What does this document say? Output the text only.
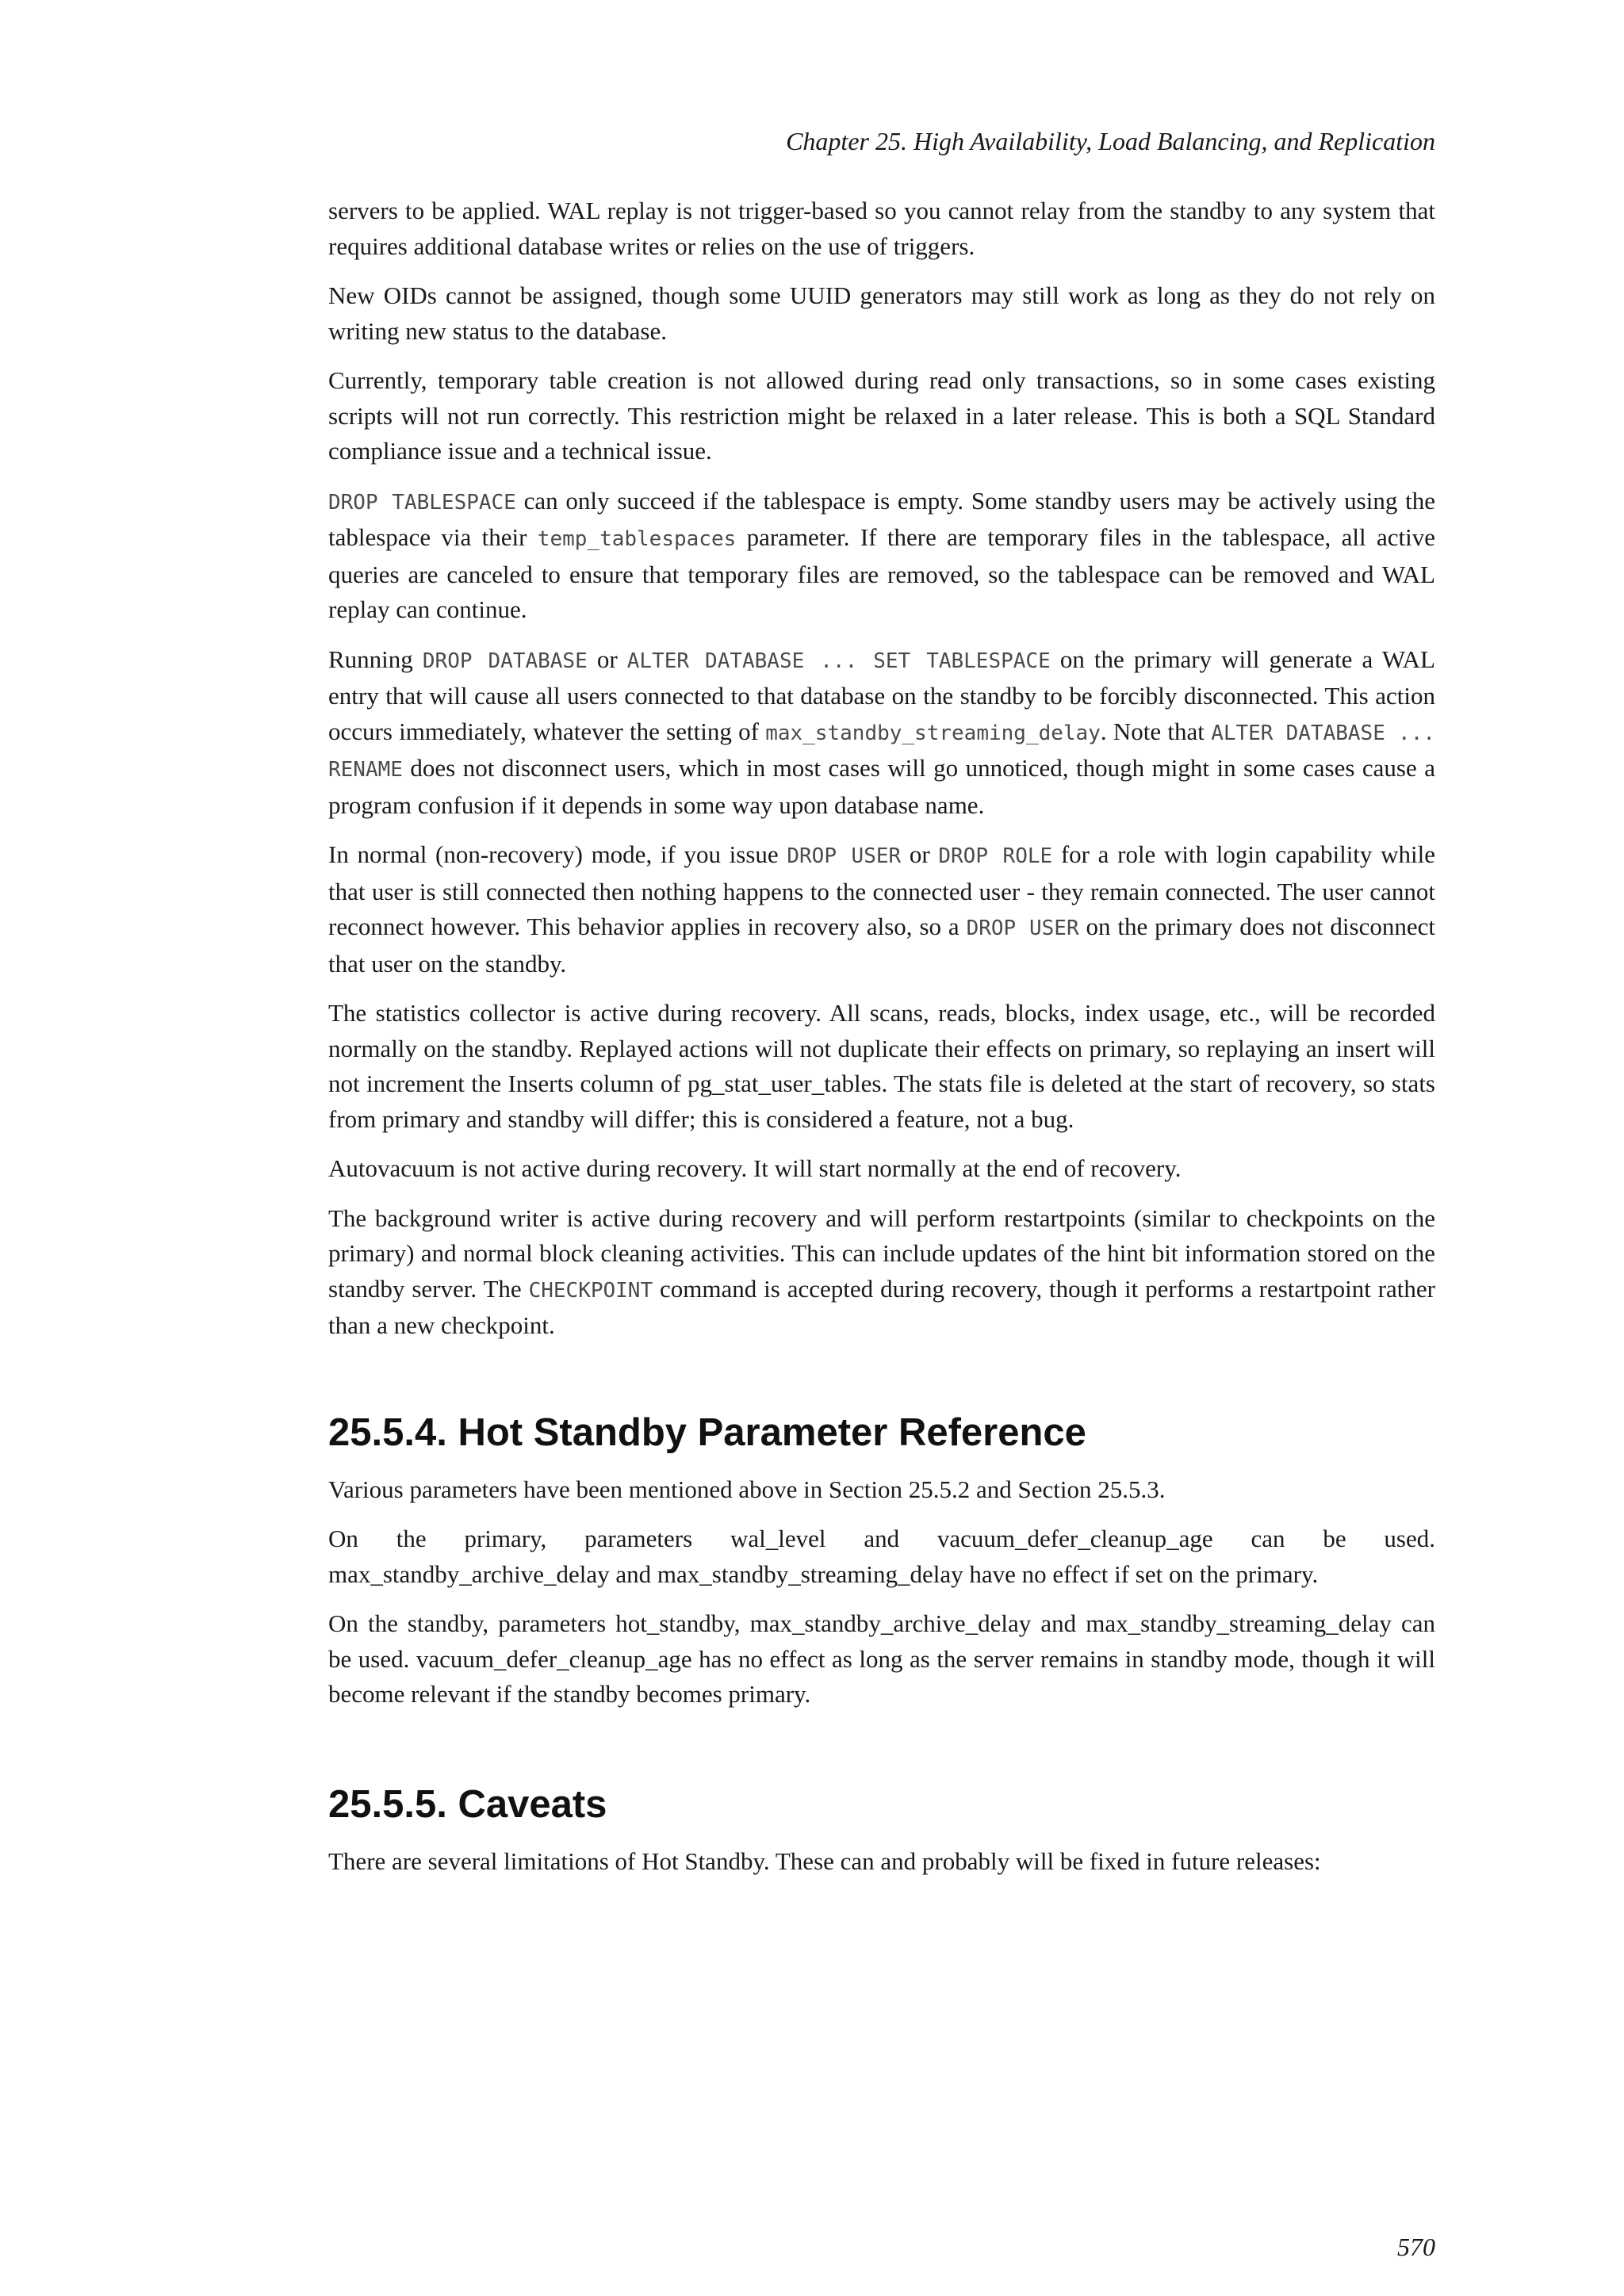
Chapter 25. High Availability, Load Balancing, and Replication

servers to be applied. WAL replay is not trigger-based so you cannot relay from the standby to any system that requires additional database writes or relies on the use of triggers.

New OIDs cannot be assigned, though some UUID generators may still work as long as they do not rely on writing new status to the database.

Currently, temporary table creation is not allowed during read only transactions, so in some cases existing scripts will not run correctly. This restriction might be relaxed in a later release. This is both a SQL Standard compliance issue and a technical issue.

DROP TABLESPACE can only succeed if the tablespace is empty. Some standby users may be actively using the tablespace via their temp_tablespaces parameter. If there are temporary files in the tablespace, all active queries are canceled to ensure that temporary files are removed, so the tablespace can be removed and WAL replay can continue.

Running DROP DATABASE or ALTER DATABASE ... SET TABLESPACE on the primary will generate a WAL entry that will cause all users connected to that database on the standby to be forcibly disconnected. This action occurs immediately, whatever the setting of max_standby_streaming_delay. Note that ALTER DATABASE ... RENAME does not disconnect users, which in most cases will go unnoticed, though might in some cases cause a program confusion if it depends in some way upon database name.

In normal (non-recovery) mode, if you issue DROP USER or DROP ROLE for a role with login capability while that user is still connected then nothing happens to the connected user - they remain connected. The user cannot reconnect however. This behavior applies in recovery also, so a DROP USER on the primary does not disconnect that user on the standby.

The statistics collector is active during recovery. All scans, reads, blocks, index usage, etc., will be recorded normally on the standby. Replayed actions will not duplicate their effects on primary, so replaying an insert will not increment the Inserts column of pg_stat_user_tables. The stats file is deleted at the start of recovery, so stats from primary and standby will differ; this is considered a feature, not a bug.

Autovacuum is not active during recovery. It will start normally at the end of recovery.

The background writer is active during recovery and will perform restartpoints (similar to checkpoints on the primary) and normal block cleaning activities. This can include updates of the hint bit information stored on the standby server. The CHECKPOINT command is accepted during recovery, though it performs a restartpoint rather than a new checkpoint.

25.5.4. Hot Standby Parameter Reference

Various parameters have been mentioned above in Section 25.5.2 and Section 25.5.3.

On the primary, parameters wal_level and vacuum_defer_cleanup_age can be used. max_standby_archive_delay and max_standby_streaming_delay have no effect if set on the primary.

On the standby, parameters hot_standby, max_standby_archive_delay and max_standby_streaming_delay can be used. vacuum_defer_cleanup_age has no effect as long as the server remains in standby mode, though it will become relevant if the standby becomes primary.

25.5.5. Caveats

There are several limitations of Hot Standby. These can and probably will be fixed in future releases:

570
